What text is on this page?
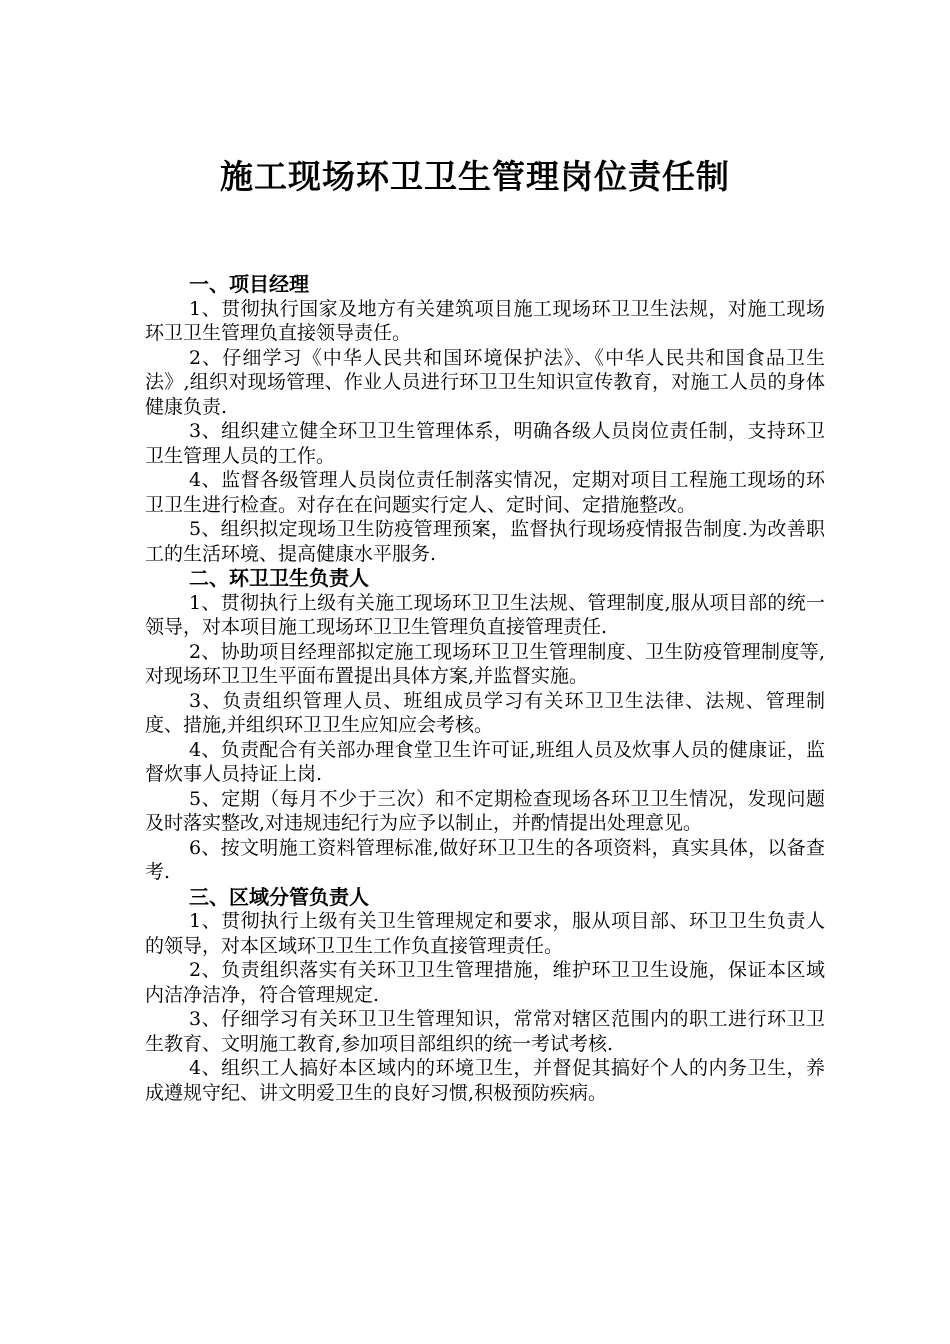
施工现场环卫卫生管理岗位责任制

一、项目经理

1、贯彻执行国家及地方有关建筑项目施工现场环卫卫生法规，对施工现场环卫卫生管理负直接领导责任。

2、仔细学习《中华人民共和国环境保护法》、《中华人民共和国食品卫生法》,组织对现场管理、作业人员进行环卫卫生知识宣传教育，对施工人员的身体健康负责.

3、组织建立健全环卫卫生管理体系，明确各级人员岗位责任制，支持环卫卫生管理人员的工作。

4、监督各级管理人员岗位责任制落实情况，定期对项目工程施工现场的环卫卫生进行检查。对存在在问题实行定人、定时间、定措施整改。

5、组织拟定现场卫生防疫管理预案，监督执行现场疫情报告制度.为改善职工的生活环境、提高健康水平服务.

二、环卫卫生负责人

1、贯彻执行上级有关施工现场环卫卫生法规、管理制度,服从项目部的统一领导，对本项目施工现场环卫卫生管理负直接管理责任.

2、协助项目经理部拟定施工现场环卫卫生管理制度、卫生防疫管理制度等,对现场环卫卫生平面布置提出具体方案,并监督实施。

3、负责组织管理人员、班组成员学习有关环卫卫生法律、法规、管理制度、措施,并组织环卫卫生应知应会考核。

4、负责配合有关部办理食堂卫生许可证,班组人员及炊事人员的健康证，监督炊事人员持证上岗.

5、定期（每月不少于三次）和不定期检查现场各环卫卫生情况，发现问题及时落实整改,对违规违纪行为应予以制止，并酌情提出处理意见。

6、按文明施工资料管理标准,做好环卫卫生的各项资料，真实具体，以备查考.

三、区域分管负责人

1、贯彻执行上级有关卫生管理规定和要求，服从项目部、环卫卫生负责人的领导，对本区域环卫卫生工作负直接管理责任。

2、负责组织落实有关环卫卫生管理措施，维护环卫卫生设施，保证本区域内洁净洁净，符合管理规定.

3、仔细学习有关环卫卫生管理知识，常常对辖区范围内的职工进行环卫卫生教育、文明施工教育,参加项目部组织的统一考试考核.

4、组织工人搞好本区域内的环境卫生，并督促其搞好个人的内务卫生，养成遵规守纪、讲文明爱卫生的良好习惯,积极预防疾病。
